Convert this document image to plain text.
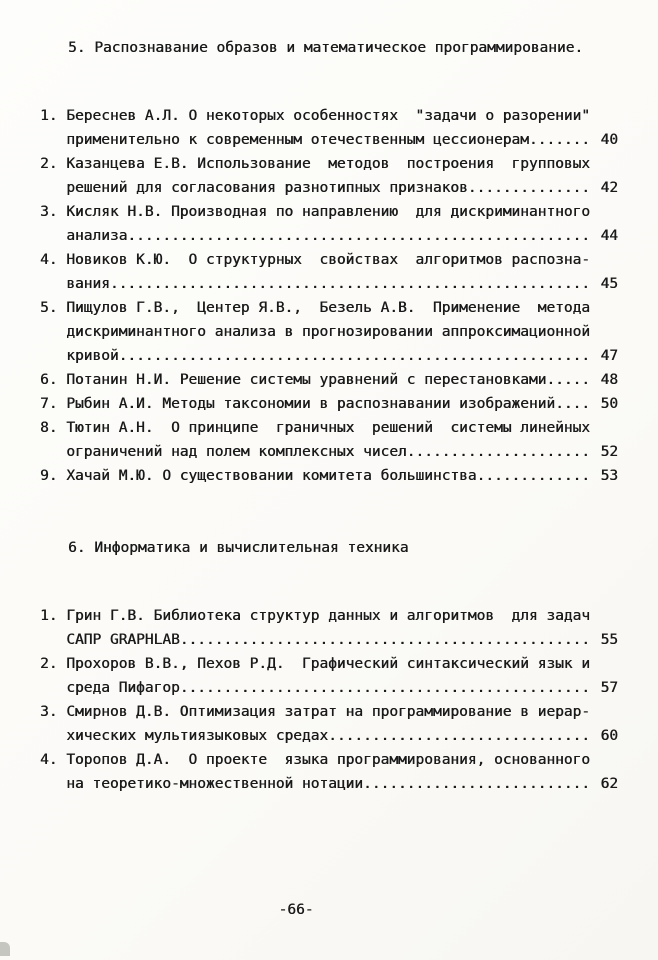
5. Распознавание образов и математическое программирование.
1. Береснев А.Л. О некоторых особенностях  "задачи о разорении"
применительно к современным отечественным цессионерам .....	40
2. Казанцева Е.В. Использование  методов  построения  групповых
решений для согласования разнотипных признаков .....	42
3. Кисляк Н.В. Производная по направлению  для дискриминантного
анализа .....	44
4. Новиков К.Ю.  О структурных  свойствах  алгоритмов распозна-
вания .....	45
5. Пищулов Г.В.,  Центер Я.В.,  Безель А.В.  Применение  метода
дискриминантного анализа в прогнозировании аппроксимационной
кривой .....	47
6. Потанин Н.И. Решение системы уравнений с перестановками .....	48
7. Рыбин А.И. Методы таксономии в распознавании изображений .....	50
8. Тютин А.Н.  О принципе  граничных  решений  системы линейных
ограничений над полем комплексных чисел .....	52
9. Хачай М.Ю. О существовании комитета большинства .....	53
6. Информатика и вычислительная техника
1. Грин Г.В. Библиотека структур данных и алгоритмов  для задач
САПР GRAPHLAB .....	55
2. Прохоров В.В., Пехов Р.Д.  Графический синтаксический язык и
среда Пифагор .....	57
3. Смирнов Д.В. Оптимизация затрат на программирование в иерар-
хических мультиязыковых средах .....	60
4. Торопов Д.А.  О проекте  языка программирования, основанного
на теоретико-множественной нотации .....	62
-66-
